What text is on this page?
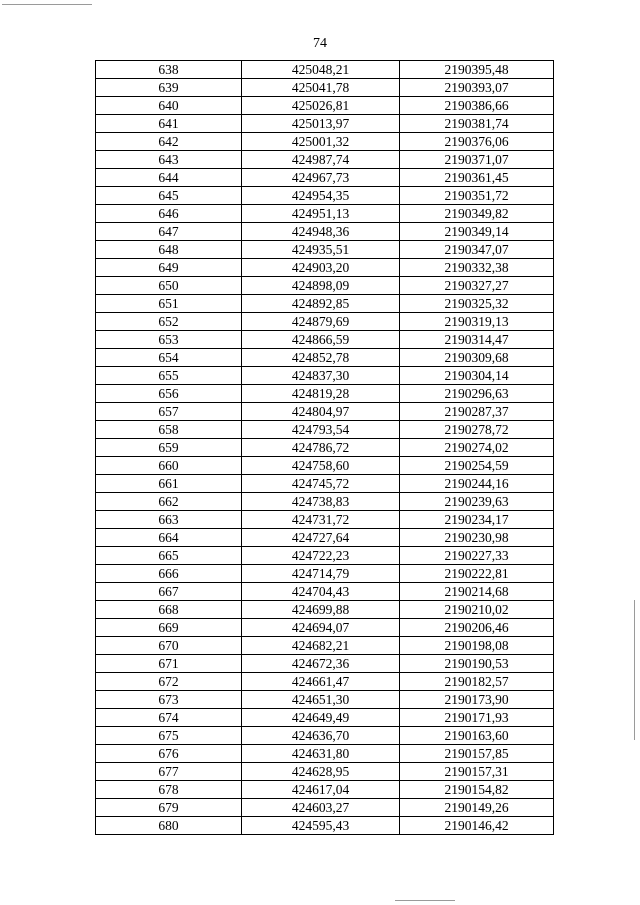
74
638	425048,21	2190395,48
639	425041,78	2190393,07
640	425026,81	2190386,66
641	425013,97	2190381,74
642	425001,32	2190376,06
643	424987,74	2190371,07
644	424967,73	2190361,45
645	424954,35	2190351,72
646	424951,13	2190349,82
647	424948,36	2190349,14
648	424935,51	2190347,07
649	424903,20	2190332,38
650	424898,09	2190327,27
651	424892,85	2190325,32
652	424879,69	2190319,13
653	424866,59	2190314,47
654	424852,78	2190309,68
655	424837,30	2190304,14
656	424819,28	2190296,63
657	424804,97	2190287,37
658	424793,54	2190278,72
659	424786,72	2190274,02
660	424758,60	2190254,59
661	424745,72	2190244,16
662	424738,83	2190239,63
663	424731,72	2190234,17
664	424727,64	2190230,98
665	424722,23	2190227,33
666	424714,79	2190222,81
667	424704,43	2190214,68
668	424699,88	2190210,02
669	424694,07	2190206,46
670	424682,21	2190198,08
671	424672,36	2190190,53
672	424661,47	2190182,57
673	424651,30	2190173,90
674	424649,49	2190171,93
675	424636,70	2190163,60
676	424631,80	2190157,85
677	424628,95	2190157,31
678	424617,04	2190154,82
679	424603,27	2190149,26
680	424595,43	2190146,42
